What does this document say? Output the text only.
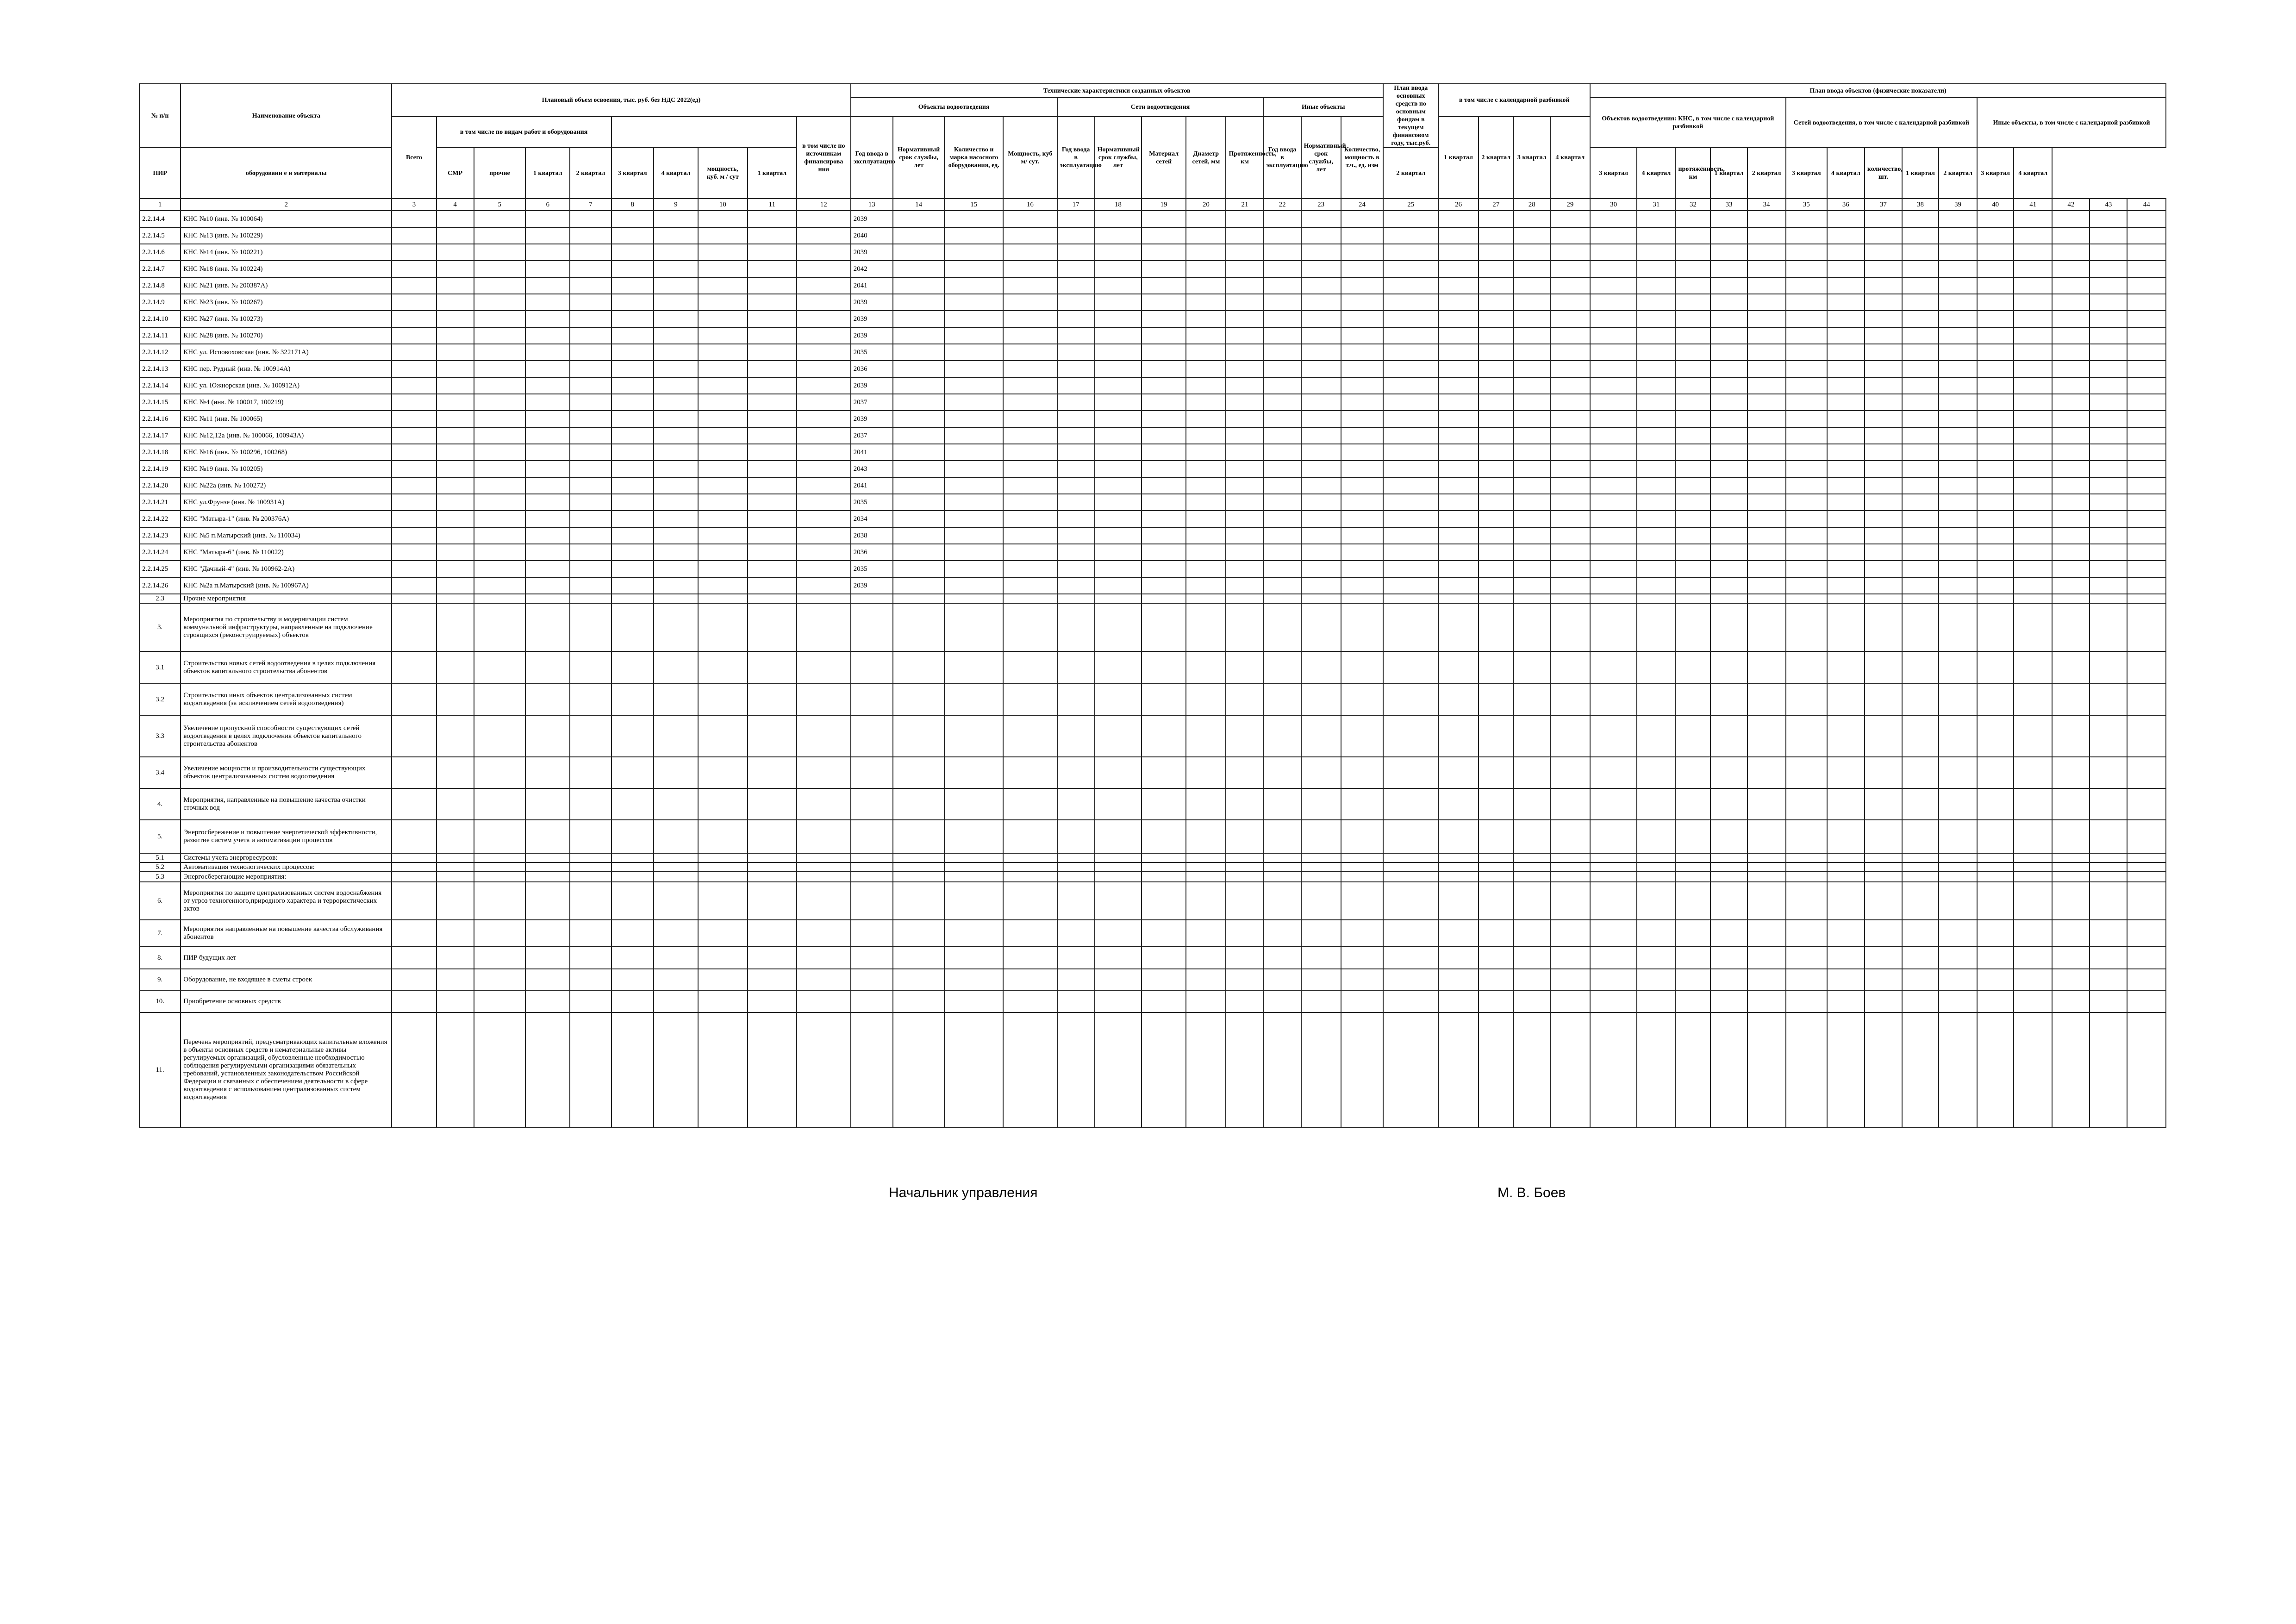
№ п/п	Наименование объекта	Плановый объем освоения, тыс. руб. без НДС 2022(ед)										Технические характеристики созданных объектов												План ввода основных средств по основным фондам в текущем финансовом году, тыс.руб.	в том числе с календарной разбивкой				План ввода объектов (физические показатели)														
												Объекты водоотведения				Сети водоотведения					Иные объекты								Объектов водоотведения: КНС, в том числе с календарной разбивкой					Сетей водоотведения, в том числе с календарной разбивкой					Иные объекты, в том числе с календарной разбивкой				
		Всего	в том числе по видам работ и оборудования								в том числе по источникам финансирова ния	Год ввода в эксплуатацию	Нормативный срок службы, лет	Количество и марка насосного оборудования, ед.	Мощность, куб м/ сут.	Год ввода в эксплуатацию	Нормативный срок службы, лет	Материал сетей	Диаметр сетей, мм	Протяженность, км	Год ввода в эксплуатацию	Нормативный срок службы, лет	Количество, мощность в т.ч., ед. изм		1 квартал	2 квартал	3 квартал	4 квартал															
ПИР	оборудовани е и материалы		СМР	прочие	1 квартал	2 квартал	3 квартал	4 квартал	мощность, куб. м / сут	1 квартал														2 квартал					3 квартал	4 квартал	протяжённость, км	1 квартал	2 квартал	3 квартал	4 квартал	количество, шт.	1 квартал	2 квартал	3 квартал	4 квартал			
1	2	3	4	5	6	7	8	9	10	11	12	13	14	15	16	17	18	19	20	21	22	23	24	25	26	27	28	29	30	31	32	33	34	35	36	37	38	39	40	41	42	43	44
2.2.14.4	КНС №10 (инв. № 100064)											2039																															
2.2.14.5	КНС №13 (инв. № 100229)											2040																															
2.2.14.6	КНС №14 (инв. № 100221)											2039																															
2.2.14.7	КНС №18 (инв. № 100224)											2042																															
2.2.14.8	КНС №21 (инв. № 200387А)											2041																															
2.2.14.9	КНС №23 (инв. № 100267)											2039																															
2.2.14.10	КНС №27 (инв. № 100273)											2039																															
2.2.14.11	КНС №28 (инв. № 100270)											2039																															
2.2.14.12	КНС ул. Исповоховская (инв. № 322171А)											2035																															
2.2.14.13	КНС пер. Рудный (инв. № 100914А)											2036																															
2.2.14.14	КНС ул. Южнорская (инв. № 100912А)											2039																															
2.2.14.15	КНС №4 (инв. № 100017, 100219)											2037																															
2.2.14.16	КНС №11 (инв. № 100065)											2039																															
2.2.14.17	КНС №12,12а (инв. № 100066, 100943А)											2037																															
2.2.14.18	КНС №16 (инв. № 100296, 100268)											2041																															
2.2.14.19	КНС №19 (инв. № 100205)											2043																															
2.2.14.20	КНС №22а (инв. № 100272)											2041																															
2.2.14.21	КНС ул.Фрунзе (инв. № 100931А)											2035																															
2.2.14.22	КНС "Матыра-1" (инв. № 200376А)											2034																															
2.2.14.23	КНС №5 п.Матырский (инв. № 110034)											2038																															
2.2.14.24	КНС "Матыра-6" (инв. № 110022)											2036																															
2.2.14.25	КНС "Дачный-4" (инв. № 100962-2А)											2035																															
2.2.14.26	КНС №2а п.Матырский (инв. № 100967А)											2039																															
2.3	Прочие мероприятия																																										
3.	Мероприятия по строительству и модернизации систем коммунальной инфраструктуры, направленные на подключение строящихся (реконструируемых) объектов																																										
3.1	Строительство новых сетей водоотведения в целях подключения объектов капитального строительства абонентов																																										
3.2	Строительство иных объектов централизованных систем водоотведения (за исключением сетей водоотведения)																																										
3.3	Увеличение пропускной способности существующих сетей водоотведения в целях подключения объектов капитального строительства абонентов																																										
3.4	Увеличение мощности и производительности существующих объектов централизованных систем водоотведения																																										
4.	Мероприятия, направленные на повышение качества очистки сточных вод																																										
5.	Энергосбережение и повышение энергетической эффективности, развитие систем учета и автоматизации процессов																																										
5.1	Системы учета энергоресурсов:																																										
5.2	Автоматизация технологических процессов:																																										
5.3	Энергосберегающие мероприятия:																																										
6.	Мероприятия по защите централизованных систем водоснабжения от угроз техногенного,природного характера и террористических актов																																										
7.	Мероприятия направленные на повышение качества обслуживания абонентов																																										
8.	ПИР будущих лет																																										
9.	Оборудование, не входящее в сметы строек																																										
10.	Приобретение основных средств																																										
11.	Перечень мероприятий, предусматривающих капитальные вложения в объекты основных средств и нематериальные активы регулируемых организаций, обусловленные необходимостью соблюдения регулируемыми организациями обязательных требований, установленных законодательством Российской Федерации и связанных с обеспечением деятельности в сфере водоотведения с использованием централизованных систем водоотведения																																										
Начальник управления	М. В. Боев
